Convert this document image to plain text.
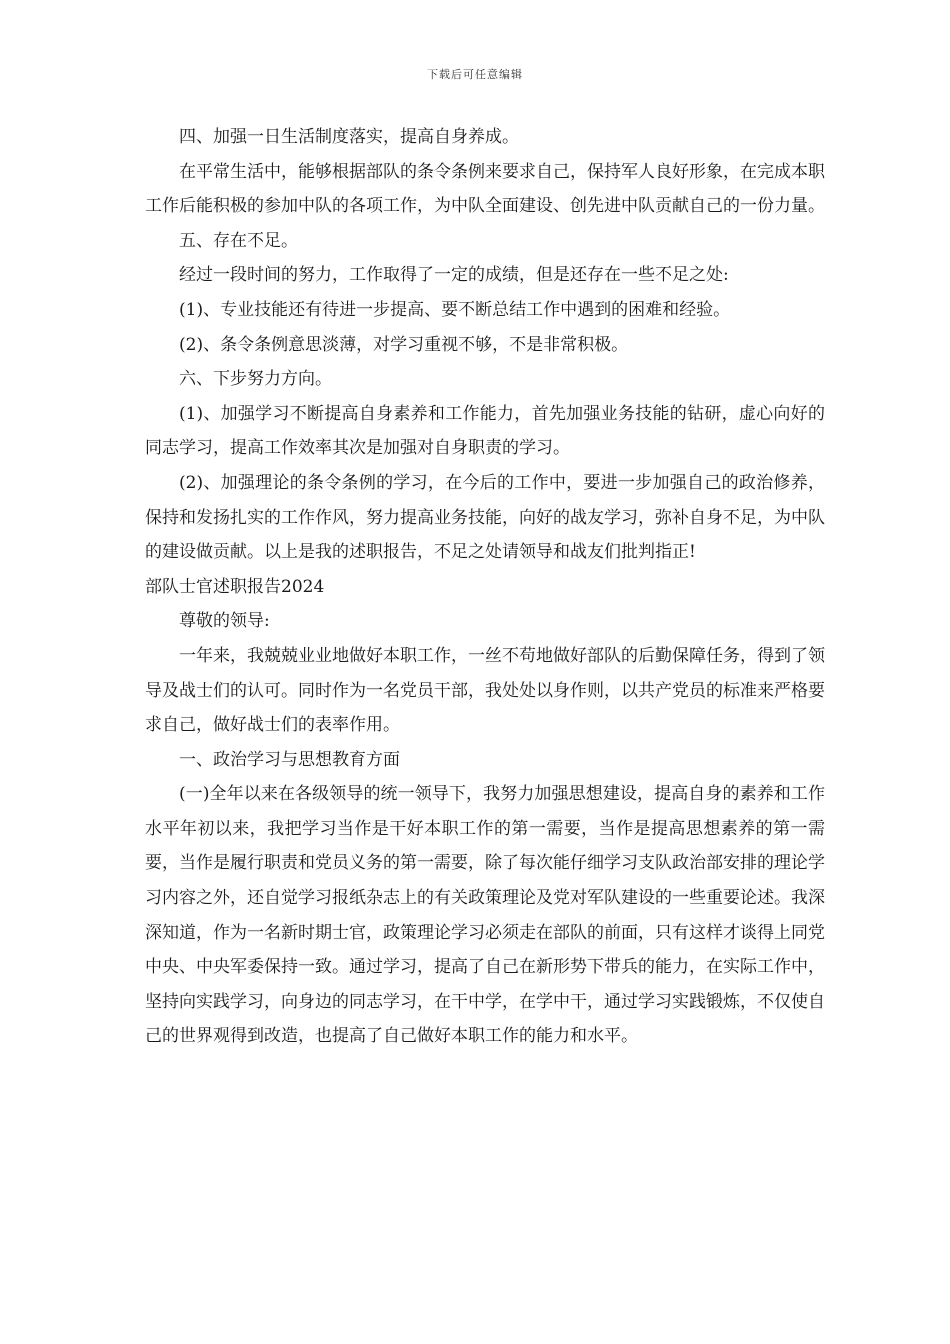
下载后可任意编辑

四、加强一日生活制度落实，提高自身养成。

在平常生活中，能够根据部队的条令条例来要求自己，保持军人良好形象，在完成本职工作后能积极的参加中队的各项工作，为中队全面建设、创先进中队贡献自己的一份力量。

五、存在不足。

经过一段时间的努力，工作取得了一定的成绩，但是还存在一些不足之处:

(1)、专业技能还有待进一步提高、要不断总结工作中遇到的困难和经验。

(2)、条令条例意思淡薄，对学习重视不够，不是非常积极。

六、下步努力方向。

(1)、加强学习不断提高自身素养和工作能力，首先加强业务技能的钻研，虚心向好的同志学习，提高工作效率其次是加强对自身职责的学习。

(2)、加强理论的条令条例的学习，在今后的工作中，要进一步加强自己的政治修养，保持和发扬扎实的工作作风，努力提高业务技能，向好的战友学习，弥补自身不足，为中队的建设做贡献。以上是我的述职报告，不足之处请领导和战友们批判指正!

部队士官述职报告2024

尊敬的领导:

一年来，我兢兢业业地做好本职工作，一丝不苟地做好部队的后勤保障任务，得到了领导及战士们的认可。同时作为一名党员干部，我处处以身作则，以共产党员的标准来严格要求自己，做好战士们的表率作用。

一、政治学习与思想教育方面

(一)全年以来在各级领导的统一领导下，我努力加强思想建设，提高自身的素养和工作水平年初以来，我把学习当作是干好本职工作的第一需要，当作是提高思想素养的第一需要，当作是履行职责和党员义务的第一需要，除了每次能仔细学习支队政治部安排的理论学习内容之外，还自觉学习报纸杂志上的有关政策理论及党对军队建设的一些重要论述。我深深知道，作为一名新时期士官，政策理论学习必须走在部队的前面，只有这样才谈得上同党中央、中央军委保持一致。通过学习，提高了自己在新形势下带兵的能力，在实际工作中，坚持向实践学习，向身边的同志学习，在干中学，在学中干，通过学习实践锻炼，不仅使自己的世界观得到改造，也提高了自己做好本职工作的能力和水平。
